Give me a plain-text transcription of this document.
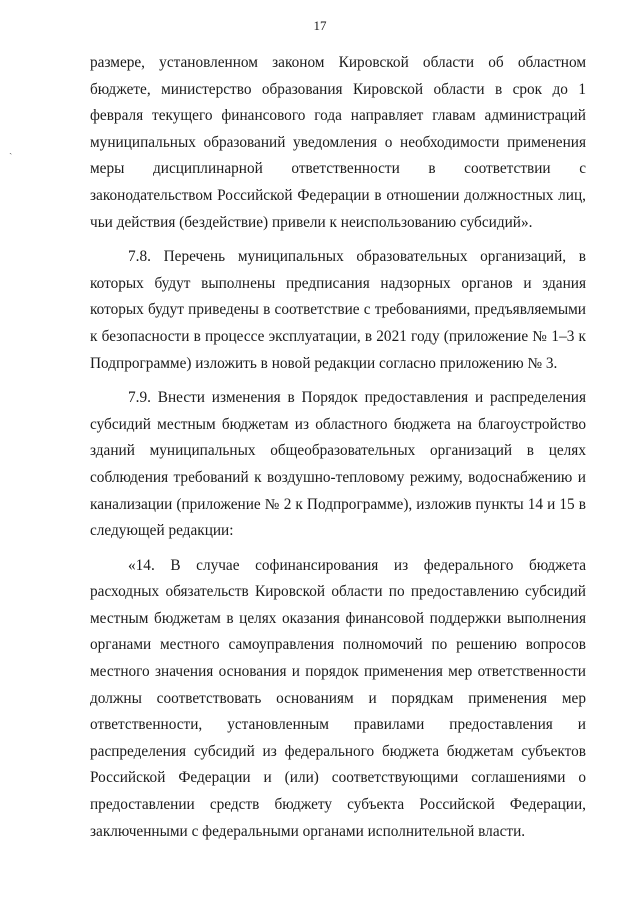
17
ˎ

размере, установленном законом Кировской области об областном бюджете, министерство образования Кировской области в срок до 1 февраля текущего финансового года направляет главам администраций муниципальных образований уведомления о необходимости применения меры дисциплинарной ответственности в соответствии с законодательством Российской Федерации в отношении должностных лиц, чьи действия (бездействие) привели к неиспользованию субсидий».

7.8. Перечень муниципальных образовательных организаций, в которых будут выполнены предписания надзорных органов и здания которых будут приведены в соответствие с требованиями, предъявляемыми к безопасности в процессе эксплуатации, в 2021 году (приложение № 1–3 к Подпрограмме) изложить в новой редакции согласно приложению № 3.

7.9. Внести изменения в Порядок предоставления и распределения субсидий местным бюджетам из областного бюджета на благоустройство зданий муниципальных общеобразовательных организаций в целях соблюдения требований к воздушно-тепловому режиму, водоснабжению и канализации (приложение № 2 к Подпрограмме), изложив пункты 14 и 15 в следующей редакции:

«14. В случае софинансирования из федерального бюджета расходных обязательств Кировской области по предоставлению субсидий местным бюджетам в целях оказания финансовой поддержки выполнения органами местного самоуправления полномочий по решению вопросов местного значения основания и порядок применения мер ответственности должны соответствовать основаниям и порядкам применения мер ответственности, установленным правилами предоставления и распределения субсидий из федерального бюджета бюджетам субъектов Российской Федерации и (или) соответствующими соглашениями о предоставлении средств бюджету субъекта Российской Федерации, заключенными с федеральными органами исполнительной власти.
